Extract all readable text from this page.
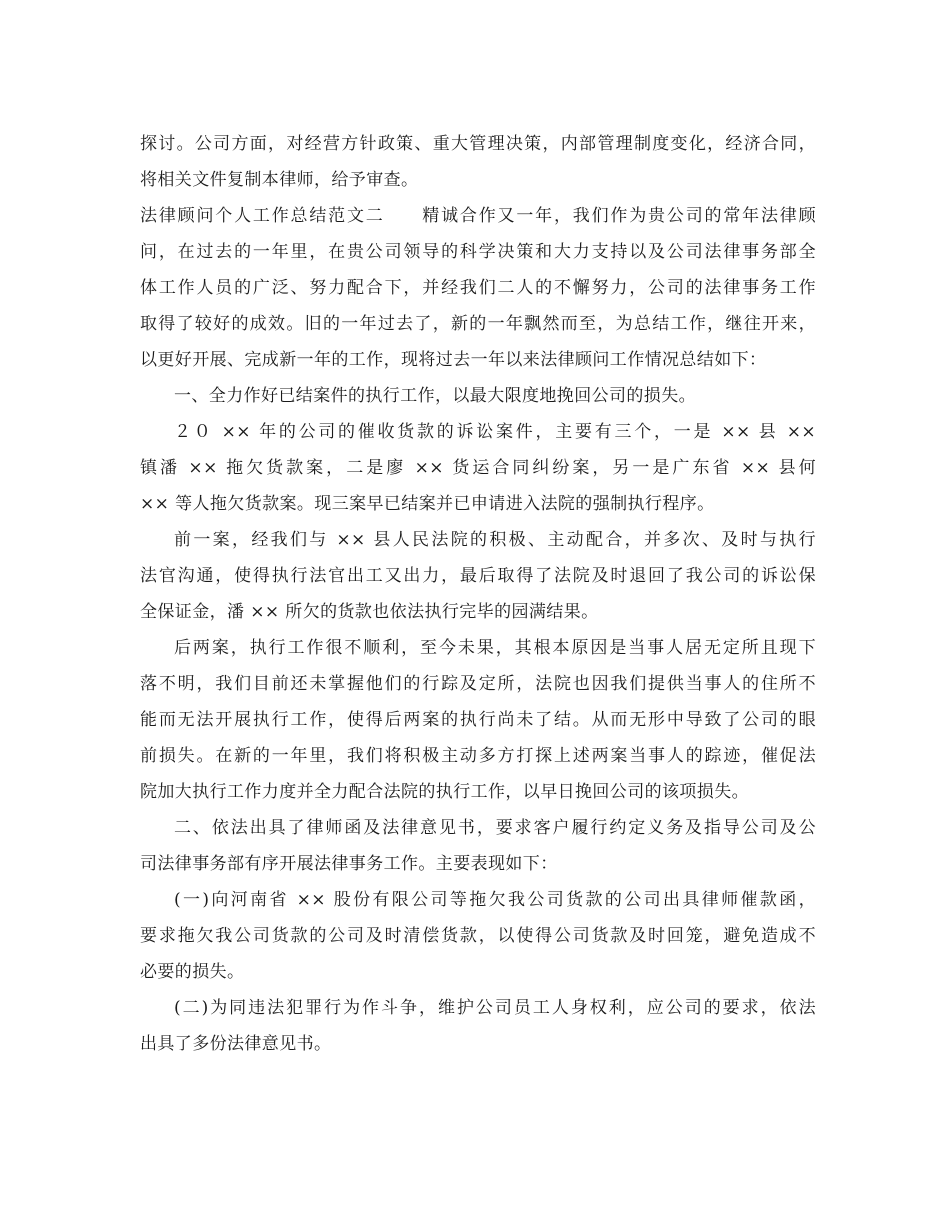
探讨。公司方面，对经营方针政策、重大管理决策，内部管理制度变化，经济合同，
将相关文件复制本律师，给予审查。
法律顾问个人工作总结范文二　　精诚合作又一年，我们作为贵公司的常年法律顾
问，在过去的一年里，在贵公司领导的科学决策和大力支持以及公司法律事务部全
体工作人员的广泛、努力配合下，并经我们二人的不懈努力，公司的法律事务工作
取得了较好的成效。旧的一年过去了，新的一年飘然而至，为总结工作，继往开来，
以更好开展、完成新一年的工作，现将过去一年以来法律顾问工作情况总结如下：
一、全力作好已结案件的执行工作，以最大限度地挽回公司的损失。
２０ ×× 年的公司的催收货款的诉讼案件，主要有三个，一是 ×× 县 ××
镇潘 ×× 拖欠货款案，二是廖 ×× 货运合同纠纷案，另一是广东省 ×× 县何
×× 等人拖欠货款案。现三案早已结案并已申请进入法院的强制执行程序。
前一案，经我们与 ×× 县人民法院的积极、主动配合，并多次、及时与执行
法官沟通，使得执行法官出工又出力，最后取得了法院及时退回了我公司的诉讼保
全保证金，潘 ×× 所欠的货款也依法执行完毕的园满结果。
后两案，执行工作很不顺利，至今未果，其根本原因是当事人居无定所且现下
落不明，我们目前还未掌握他们的行踪及定所，法院也因我们提供当事人的住所不
能而无法开展执行工作，使得后两案的执行尚未了结。从而无形中导致了公司的眼
前损失。在新的一年里，我们将积极主动多方打探上述两案当事人的踪迹，催促法
院加大执行工作力度并全力配合法院的执行工作，以早日挽回公司的该项损失。
二、依法出具了律师函及法律意见书，要求客户履行约定义务及指导公司及公
司法律事务部有序开展法律事务工作。主要表现如下：
(一)向河南省 ×× 股份有限公司等拖欠我公司货款的公司出具律师催款函，
要求拖欠我公司货款的公司及时清偿货款，以使得公司货款及时回笼，避免造成不
必要的损失。
(二)为同违法犯罪行为作斗争，维护公司员工人身权利，应公司的要求，依法
出具了多份法律意见书。
